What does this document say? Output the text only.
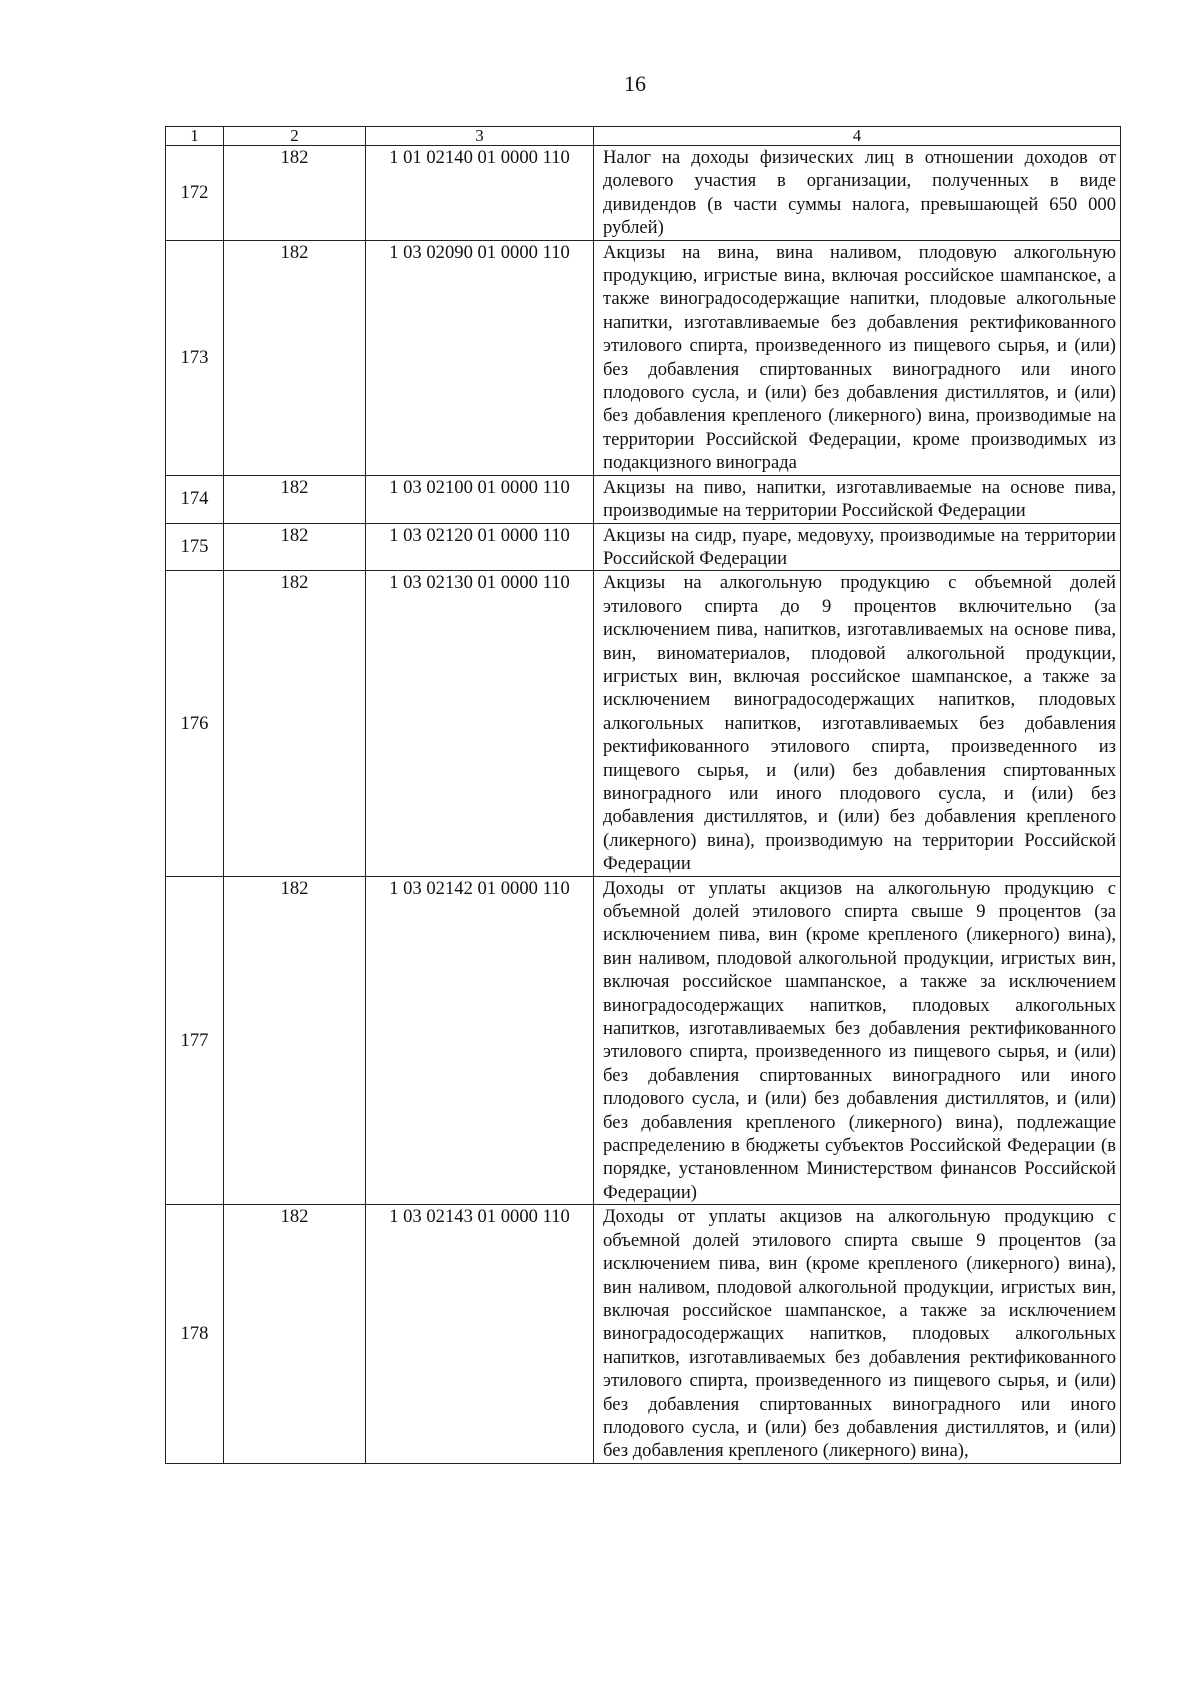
16
1	2	3	4
172	182	1 01 02140 01 0000 110	Налог на доходы физических лиц в отношении доходов от долевого участия в организации, полученных в виде дивидендов (в части суммы налога, превышающей 650 000 рублей)
173	182	1 03 02090 01 0000 110	Акцизы на вина, вина наливом, плодовую алкогольную продукцию, игристые вина, включая российское шампанское, а также виноградосодержащие напитки, плодовые алкогольные напитки, изготавливаемые без добавления ректификованного этилового спирта, произведенного из пищевого сырья, и (или) без добавления спиртованных виноградного или иного плодового сусла, и (или) без добавления дистиллятов, и (или) без добавления крепленого (ликерного) вина, производимые на территории Российской Федерации, кроме производимых из подакцизного винограда
174	182	1 03 02100 01 0000 110	Акцизы на пиво, напитки, изготавливаемые на основе пива, производимые на территории Российской Федерации
175	182	1 03 02120 01 0000 110	Акцизы на сидр, пуаре, медовуху, производимые на территории Российской Федерации
176	182	1 03 02130 01 0000 110	Акцизы на алкогольную продукцию с объемной долей этилового спирта до 9 процентов включительно (за исключением пива, напитков, изготавливаемых на основе пива, вин, виноматериалов, плодовой алкогольной продукции, игристых вин, включая российское шампанское, а также за исключением виноградосодержащих напитков, плодовых алкогольных напитков, изготавливаемых без добавления ректификованного этилового спирта, произведенного из пищевого сырья, и (или) без добавления спиртованных виноградного или иного плодового сусла, и (или) без добавления дистиллятов, и (или) без добавления крепленого (ликерного) вина), производимую на территории Российской Федерации
177	182	1 03 02142 01 0000 110	Доходы от уплаты акцизов на алкогольную продукцию с объемной долей этилового спирта свыше 9 процентов (за исключением пива, вин (кроме крепленого (ликерного) вина), вин наливом, плодовой алкогольной продукции, игристых вин, включая российское шампанское, а также за исключением виноградосодержащих напитков, плодовых алкогольных напитков, изготавливаемых без добавления ректификованного этилового спирта, произведенного из пищевого сырья, и (или) без добавления спиртованных виноградного или иного плодового сусла, и (или) без добавления дистиллятов, и (или) без добавления крепленого (ликерного) вина), подлежащие распределению в бюджеты субъектов Российской Федерации (в порядке, установленном Министерством финансов Российской Федерации)
178	182	1 03 02143 01 0000 110	Доходы от уплаты акцизов на алкогольную продукцию с объемной долей этилового спирта свыше 9 процентов (за исключением пива, вин (кроме крепленого (ликерного) вина), вин наливом, плодовой алкогольной продукции, игристых вин, включая российское шампанское, а также за исключением виноградосодержащих напитков, плодовых алкогольных напитков, изготавливаемых без добавления ректификованного этилового спирта, произведенного из пищевого сырья, и (или) без добавления спиртованных виноградного или иного плодового сусла, и (или) без добавления дистиллятов, и (или) без добавления крепленого (ликерного) вина),
